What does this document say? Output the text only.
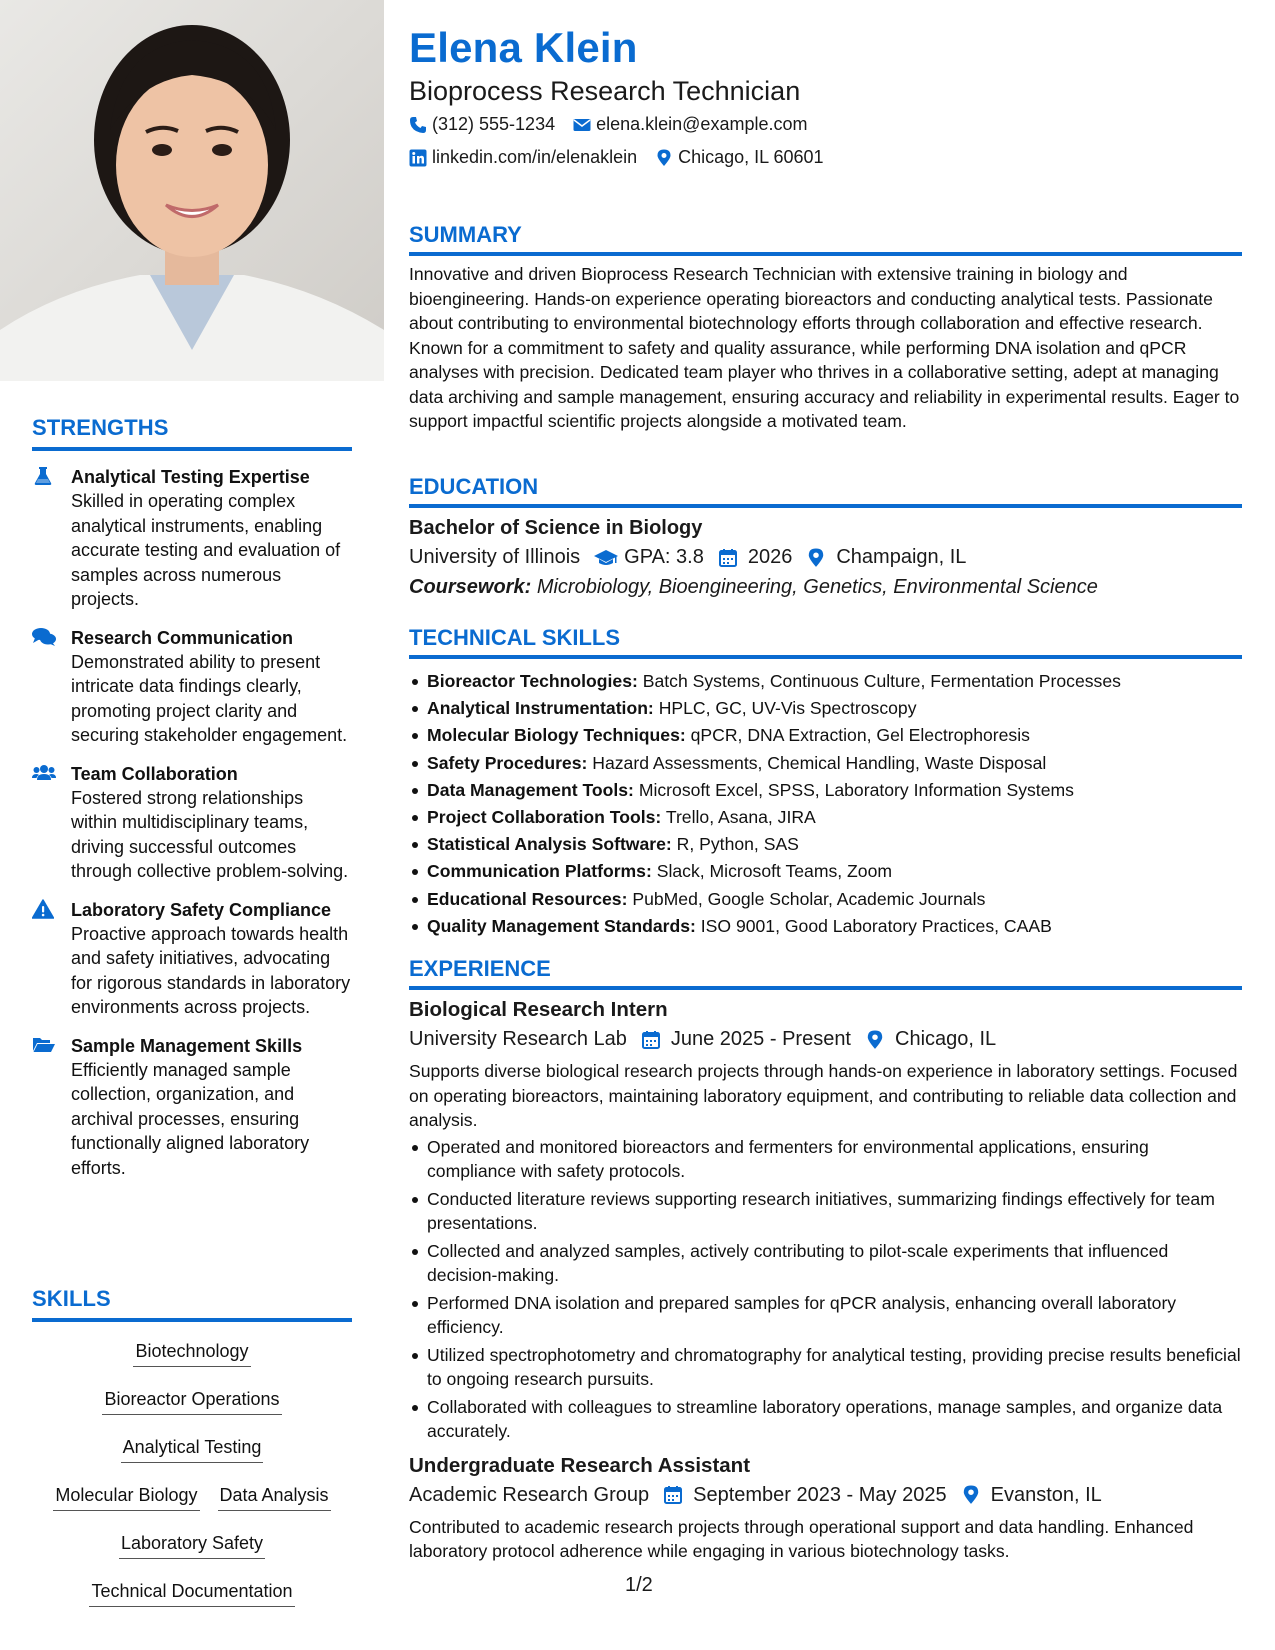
STRENGTHS
Analytical Testing Expertise
Skilled in operating complex analytical instruments, enabling accurate testing and evaluation of samples across numerous projects.
Research Communication
Demonstrated ability to present intricate data findings clearly, promoting project clarity and securing stakeholder engagement.
Team Collaboration
Fostered strong relationships within multidisciplinary teams, driving successful outcomes through collective problem-solving.
Laboratory Safety Compliance
Proactive approach towards health and safety initiatives, advocating for rigorous standards in laboratory environments across projects.
Sample Management Skills
Efficiently managed sample collection, organization, and archival processes, ensuring functionally aligned laboratory efforts.
SKILLS
Biotechnology
Bioreactor Operations
Analytical Testing
Molecular Biology Data Analysis
Laboratory Safety
Technical Documentation
Elena Klein
Bioprocess Research Technician
(312) 555-1234 elena.klein@example.com
linkedin.com/in/elenaklein Chicago, IL 60601
SUMMARY

Innovative and driven Bioprocess Research Technician with extensive training in biology and bioengineering. Hands-on experience operating bioreactors and conducting analytical tests. Passionate about contributing to environmental biotechnology efforts through collaboration and effective research. Known for a commitment to safety and quality assurance, while performing DNA isolation and qPCR analyses with precision. Dedicated team player who thrives in a collaborative setting, adept at managing data archiving and sample management, ensuring accuracy and reliability in experimental results. Eager to support impactful scientific projects alongside a motivated team.

EDUCATION
Bachelor of Science in Biology
University of Illinois GPA: 3.8 2026 Champaign, IL
Coursework: Microbiology, Bioengineering, Genetics, Environmental Science
TECHNICAL SKILLS
Bioreactor Technologies: Batch Systems, Continuous Culture, Fermentation Processes
Analytical Instrumentation: HPLC, GC, UV-Vis Spectroscopy
Molecular Biology Techniques: qPCR, DNA Extraction, Gel Electrophoresis
Safety Procedures: Hazard Assessments, Chemical Handling, Waste Disposal
Data Management Tools: Microsoft Excel, SPSS, Laboratory Information Systems
Project Collaboration Tools: Trello, Asana, JIRA
Statistical Analysis Software: R, Python, SAS
Communication Platforms: Slack, Microsoft Teams, Zoom
Educational Resources: PubMed, Google Scholar, Academic Journals
Quality Management Standards: ISO 9001, Good Laboratory Practices, CAAB
EXPERIENCE
Biological Research Intern
University Research Lab June 2025 - Present Chicago, IL
Supports diverse biological research projects through hands-on experience in laboratory settings. Focused on operating bioreactors, maintaining laboratory equipment, and contributing to reliable data collection and analysis.
Operated and monitored bioreactors and fermenters for environmental applications, ensuring compliance with safety protocols.
Conducted literature reviews supporting research initiatives, summarizing findings effectively for team presentations.
Collected and analyzed samples, actively contributing to pilot-scale experiments that influenced decision-making.
Performed DNA isolation and prepared samples for qPCR analysis, enhancing overall laboratory efficiency.
Utilized spectrophotometry and chromatography for analytical testing, providing precise results beneficial to ongoing research pursuits.
Collaborated with colleagues to streamline laboratory operations, manage samples, and organize data accurately.
Undergraduate Research Assistant
Academic Research Group September 2023 - May 2025 Evanston, IL
Contributed to academic research projects through operational support and data handling. Enhanced laboratory protocol adherence while engaging in various biotechnology tasks.
1/2
